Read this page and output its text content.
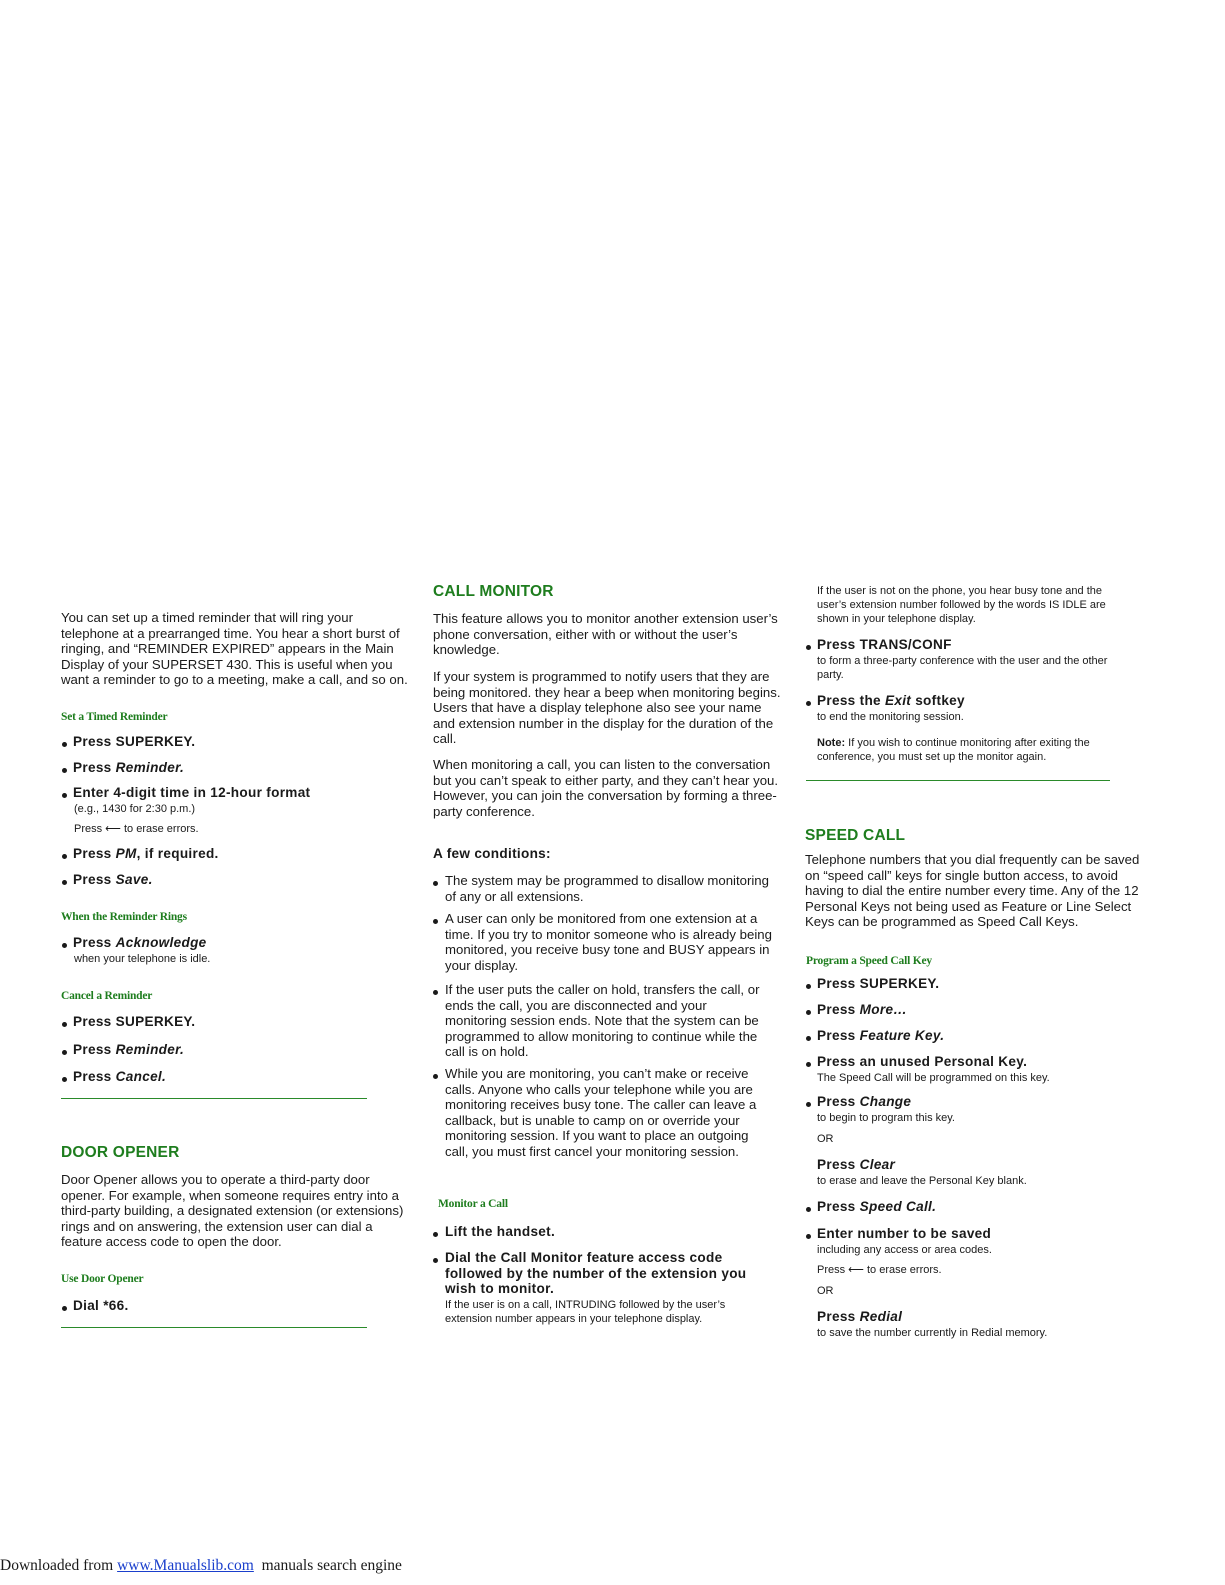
You can set up a timed reminder that will ring your
telephone at a prearranged time. You hear a short burst of
ringing, and “REMINDER EXPIRED” appears in the Main
Display of your SUPERSET 430. This is useful when you
want a reminder to go to a meeting, make a call, and so on.
Set a Timed Reminder
Press SUPERKEY.
Press Reminder.
Enter 4-digit time in 12-hour format
(e.g., 1430 for 2:30 p.m.)
Press ⟵ to erase errors.
Press PM, if required.
Press Save.
When the Reminder Rings
Press Acknowledge
when your telephone is idle.
Cancel a Reminder
Press SUPERKEY.
Press Reminder.
Press Cancel.
DOOR OPENER
Door Opener allows you to operate a third-party door
opener. For example, when someone requires entry into a
third-party building, a designated extension (or extensions)
rings and on answering, the extension user can dial a
feature access code to open the door.
Use Door Opener
Dial *66.
CALL MONITOR
This feature allows you to monitor another extension user’s
phone conversation, either with or without the user’s
knowledge.
If your system is programmed to notify users that they are
being monitored. they hear a beep when monitoring begins.
Users that have a display telephone also see your name
and extension number in the display for the duration of the
call.
When monitoring a call, you can listen to the conversation
but you can’t speak to either party, and they can’t hear you.
However, you can join the conversation by forming a three-
party conference.
A few conditions:
The system may be programmed to disallow monitoring
of any or all extensions.
A user can only be monitored from one extension at a
time. If you try to monitor someone who is already being
monitored, you receive busy tone and BUSY appears in
your display.
If the user puts the caller on hold, transfers the call, or
ends the call, you are disconnected and your
monitoring session ends. Note that the system can be
programmed to allow monitoring to continue while the
call is on hold.
While you are monitoring, you can’t make or receive
calls. Anyone who calls your telephone while you are
monitoring receives busy tone. The caller can leave a
callback, but is unable to camp on or override your
monitoring session. If you want to place an outgoing
call, you must first cancel your monitoring session.
Monitor a Call
Lift the handset.
Dial the Call Monitor feature access code
followed by the number of the extension you
wish to monitor.
If the user is on a call, INTRUDING followed by the user’s
extension number appears in your telephone display.
If the user is not on the phone, you hear busy tone and the
user’s extension number followed by the words IS IDLE are
shown in your telephone display.
Press TRANS/CONF
to form a three-party conference with the user and the other
party.
Press the Exit softkey
to end the monitoring session.
Note: If you wish to continue monitoring after exiting the
conference, you must set up the monitor again.
SPEED CALL
Telephone numbers that you dial frequently can be saved
on “speed call” keys for single button access, to avoid
having to dial the entire number every time. Any of the 12
Personal Keys not being used as Feature or Line Select
Keys can be programmed as Speed Call Keys.
Program a Speed Call Key
Press SUPERKEY.
Press More…
Press Feature Key.
Press an unused Personal Key.
The Speed Call will be programmed on this key.
Press Change
to begin to program this key.
OR
Press Clear
to erase and leave the Personal Key blank.
Press Speed Call.
Enter number to be saved
including any access or area codes.
Press ⟵ to erase errors.
OR
Press Redial
to save the number currently in Redial memory.
Downloaded from www.Manualslib.com  manuals search engine
